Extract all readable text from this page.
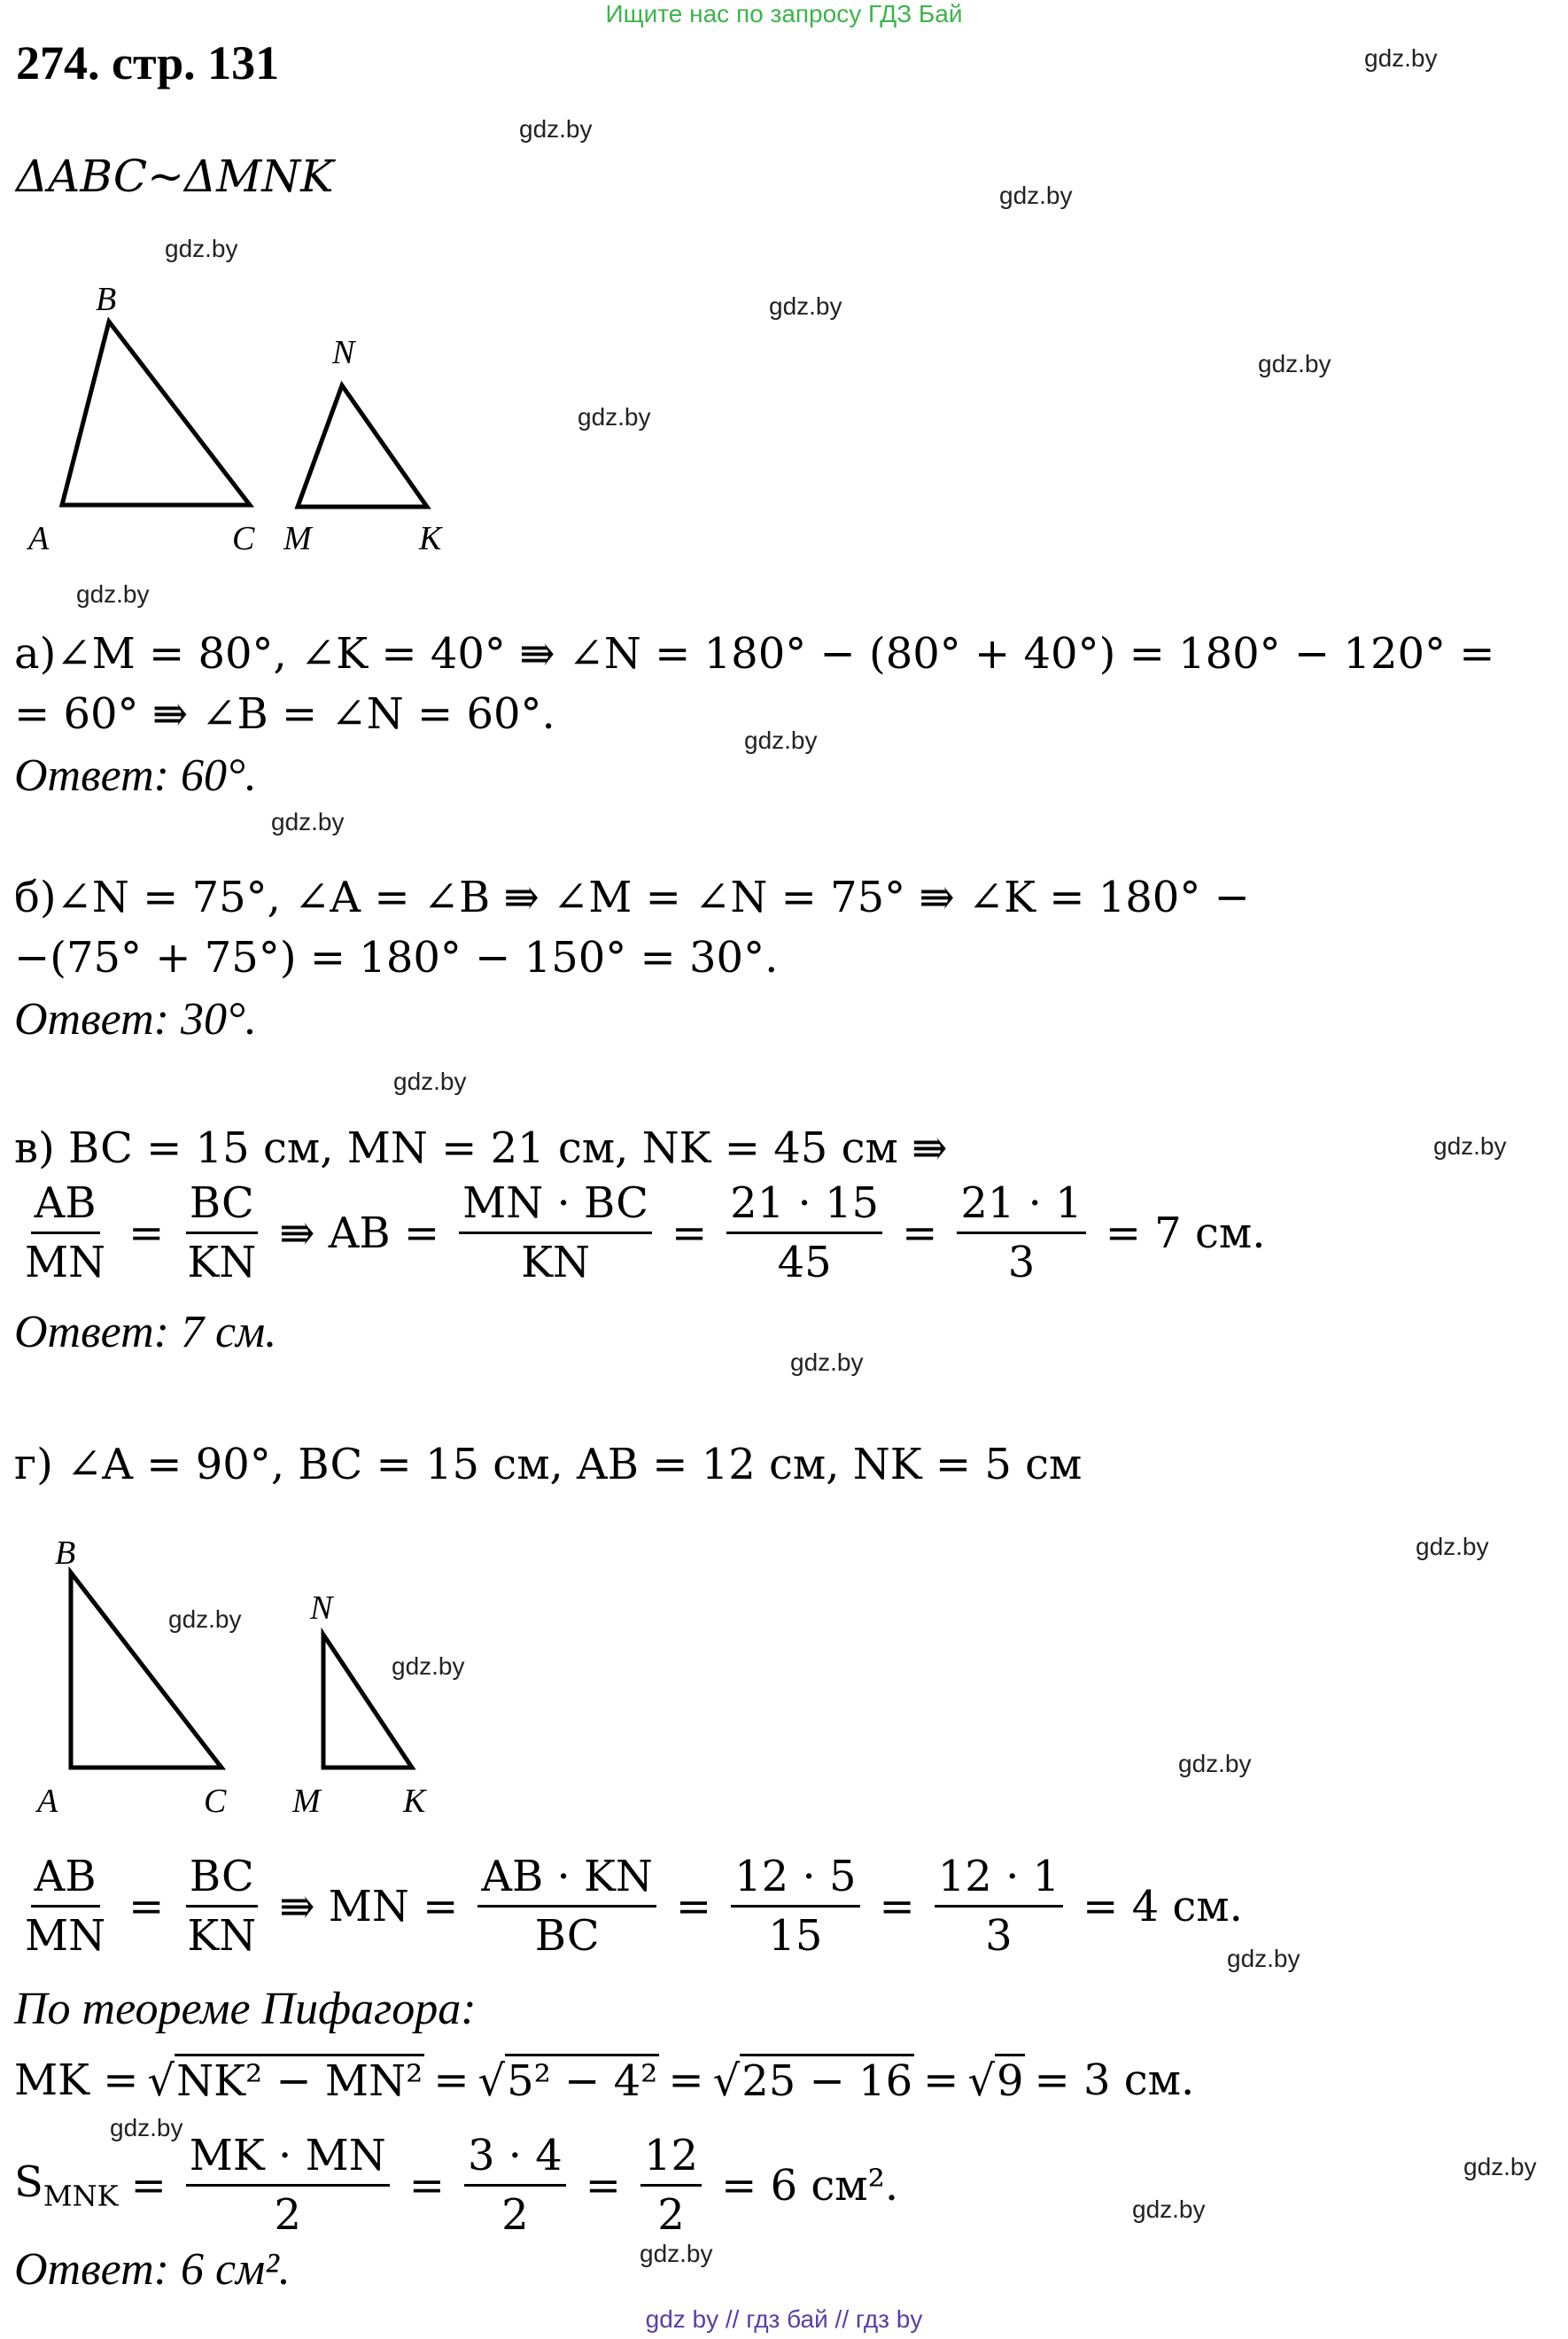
Ищите нас по запросу ГДЗ Бай
274. стр. 131	gdz.by
gdz.by
gdz.by
gdz.by
gdz.by
gdz.by
gdz.by
gdz.by
gdz.by
gdz.by
gdz.by
gdz.by
gdz.by
gdz.by
gdz.by
gdz.by
gdz.by
gdz.by
gdz.by
gdz.by
gdz.by
gdz.by
ΔABC~ΔMNK
B
A	C
N
M	K
а)∠M = 80°, ∠K = 40° ⇛ ∠N = 180° − (80° + 40°) = 180° − 120° =
= 60° ⇛ ∠B = ∠N = 60°.
Ответ: 60°.
б)∠N = 75°, ∠A = ∠B ⇛ ∠M = ∠N = 75° ⇛ ∠K = 180° −
−(75° + 75°) = 180° − 150° = 30°.
Ответ: 30°.
в) BC = 15 см, MN = 21 см, NK = 45 см ⇛
$\frac{AB}{MN} = \frac{BC}{KN}$ ⇛ AB = $\frac{MN \cdot BC}{KN} = \frac{21 \cdot 15}{45} = \frac{21 \cdot 1}{3} = 7$ см.
Ответ: 7 см.
г) ∠A = 90°, BC = 15 см, AB = 12 см, NK = 5 см
B
A	C
N
M K
$\frac{AB}{MN} = \frac{BC}{KN}$ ⇛ MN = $\frac{AB \cdot KN}{BC} = \frac{12 \cdot 5}{15} = \frac{12 \cdot 1}{3} = 4$ см.
По теореме Пифагора:
MK = √NK² − MN² = √5² − 4² = √25 − 16 = √9 = 3 см.
$S_{MNK} = \frac{MK \cdot MN}{2} = \frac{3 \cdot 4}{2} = \frac{12}{2} = 6$ см².
Ответ: 6 см².
gdz by // гдз бай // гдз by
